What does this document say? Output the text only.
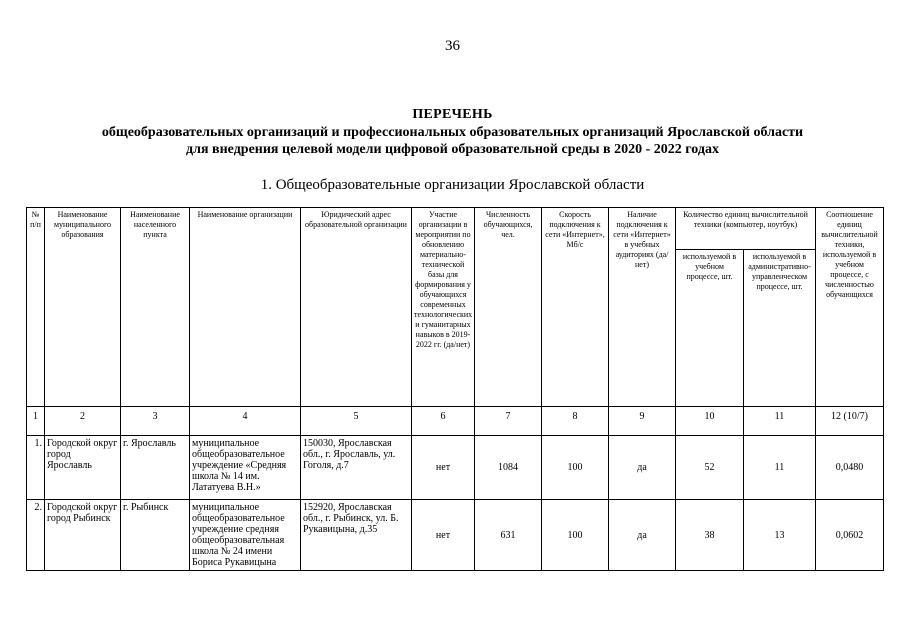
36
ПЕРЕЧЕНЬ
общеобразовательных организаций и профессиональных образовательных организаций Ярославской области
для внедрения целевой модели цифровой образовательной среды в 2020 - 2022 годах
1. Общеобразовательные организации Ярославской области
№ п/п	Наименование муниципального образования	Наименование населенного пункта	Наименование организации	Юридический адрес образовательной организации	Участие организации в мероприятии по обновлению материально-технической базы для формирования у обучающихся современных технологических и гуманитарных навыков в 2019-2022 гг. (да/нет)	Численность обучающихся, чел.	Скорость подключения к сети «Интернет», Мб/с	Наличие подключения к сети «Интернет» в учебных аудиториях (да/нет)	Количество единиц вычислительной техники (компьютер, ноутбук)		Соотношение единиц вычислительной техники, используемой в учебном процессе, с численностью обучающихся
									используемой в учебном процессе, шт.	используемой в административно-управленческом процессе, шт.	
1	2	3	4	5	6	7	8	9	10	11	12 (10/7)
1.	Городской округ город Ярославль	г. Ярославль	муниципальное общеобразовательное учреждение «Средняя школа № 14 им. Лататуева В.Н.»	150030, Ярославская обл., г. Ярославль, ул. Гоголя, д.7	нет	1084	100	да	52	11	0,0480
2.	Городской округ город Рыбинск	г. Рыбинск	муниципальное общеобразовательное учреждение средняя общеобразовательная школа № 24 имени Бориса Рукавицына	152920, Ярославская обл., г. Рыбинск, ул. Б. Рукавицына, д.35	нет	631	100	да	38	13	0,0602
